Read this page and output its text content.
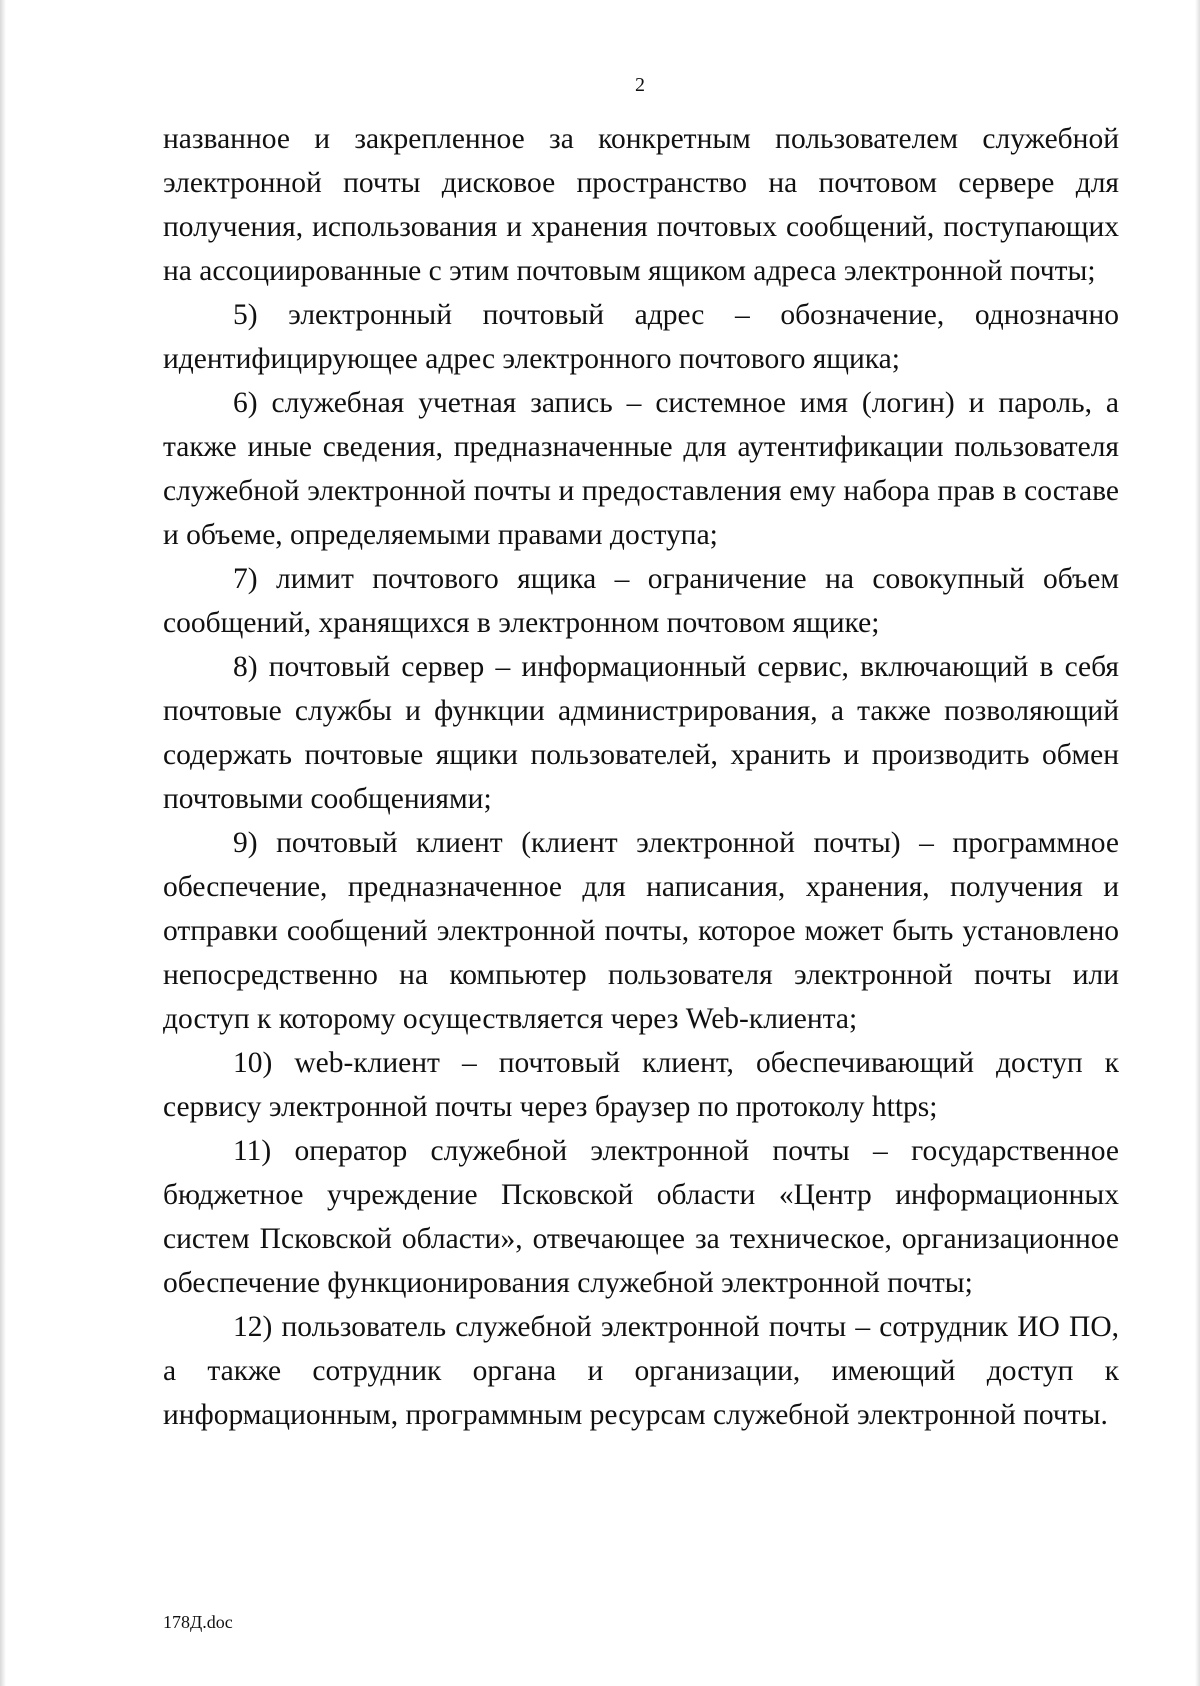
2

названное и закрепленное за конкретным пользователем служебной электронной почты дисковое пространство на почтовом сервере для получения, использования и хранения почтовых сообщений, поступающих на ассоциированные с этим почтовым ящиком адреса электронной почты;

5) электронный почтовый адрес – обозначение, однозначно идентифицирующее адрес электронного почтового ящика;

6) служебная учетная запись – системное имя (логин) и пароль, а также иные сведения, предназначенные для аутентификации пользователя служебной электронной почты и предоставления ему набора прав в составе и объеме, определяемыми правами доступа;

7) лимит почтового ящика – ограничение на совокупный объем сообщений, хранящихся в электронном почтовом ящике;

8) почтовый сервер – информационный сервис, включающий в себя почтовые службы и функции администрирования, а также позволяющий содержать почтовые ящики пользователей, хранить и производить обмен почтовыми сообщениями;

9) почтовый клиент (клиент электронной почты) – программное обеспечение, предназначенное для написания, хранения, получения и отправки сообщений электронной почты, которое может быть установлено непосредственно на компьютер пользователя электронной почты или доступ к которому осуществляется через Web-клиента;

10) web-клиент – почтовый клиент, обеспечивающий доступ к сервису электронной почты через браузер по протоколу https;

11) оператор служебной электронной почты – государственное бюджетное учреждение Псковской области «Центр информационных систем Псковской области», отвечающее за техническое, организационное обеспечение функционирования служебной электронной почты;

12) пользователь служебной электронной почты – сотрудник ИО ПО, а также сотрудник органа и организации, имеющий доступ к информационным, программным ресурсам служебной электронной почты.

178Д.doc
